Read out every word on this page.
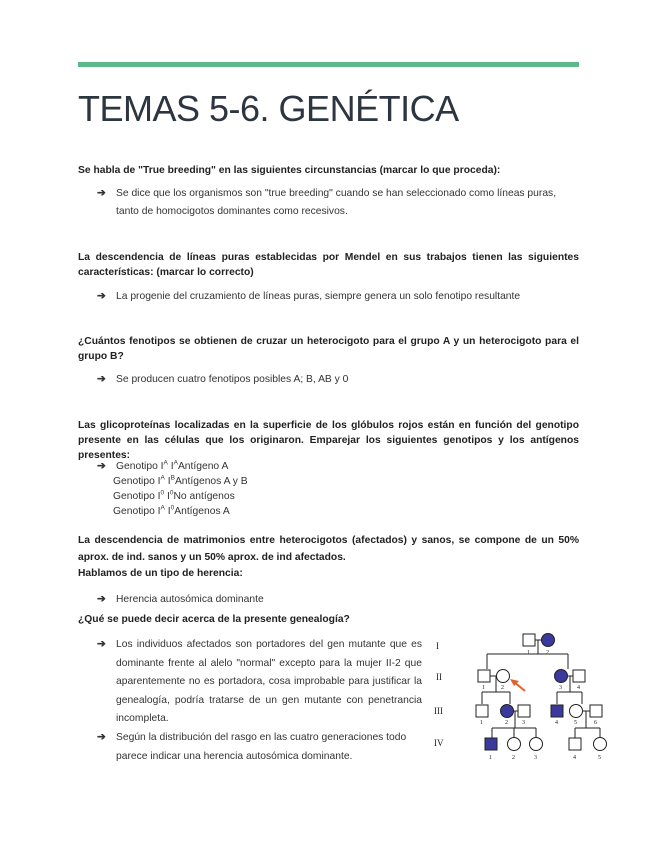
TEMAS 5-6. GENÉTICA

Se habla de "True breeding" en las siguientes circunstancias (marcar lo que proceda):

➔	Se dice que los organismos son "true breeding" cuando se han seleccionado como líneas puras, tanto de homocigotos dominantes como recesivos.

La descendencia de líneas puras establecidas por Mendel en sus trabajos tienen las siguientes características: (marcar lo correcto)

➔	La progenie del cruzamiento de líneas puras, siempre genera un solo fenotipo resultante

¿Cuántos fenotipos se obtienen de cruzar un heterocigoto para el grupo A y un heterocigoto para el grupo B?

➔	Se producen cuatro fenotipos posibles A; B, AB y 0

Las glicoproteínas localizadas en la superficie de los glóbulos rojos están en función del genotipo presente en las células que los originaron. Emparejar los siguientes genotipos y los antígenos presentes:

➔ Genotipo $I^A$ $I^AAntígeno$ A
Genotipo $I^A$ $I^BAntígenos$ A y B
Genotipo $I^0$ $I^0No$ antígenos
Genotipo $I^A$ $I^0Antígenos$ A

La descendencia de matrimonios entre heterocigotos (afectados) y sanos, se compone de un 50% aprox. de ind. sanos y un 50% aprox. de ind afectados.

Hablamos de un tipo de herencia:

➔	Herencia autosómica dominante

¿Qué se puede decir acerca de la presente genealogía?

➔	Los individuos afectados son portadores del gen mutante que es dominante frente al alelo "normal" excepto para la mujer II-2 que aparentemente no es portadora, cosa improbable para justificar la genealogía, podría tratarse de un gen mutante con penetrancia incompleta.
➔	Según la distribución del rasgo en las cuatro generaciones todo parece indicar una herencia autosómica dominante.
I
II
III
IV
1	2
1	2	3	4
1	2 3	4	5	6
1	2	3	4	5
